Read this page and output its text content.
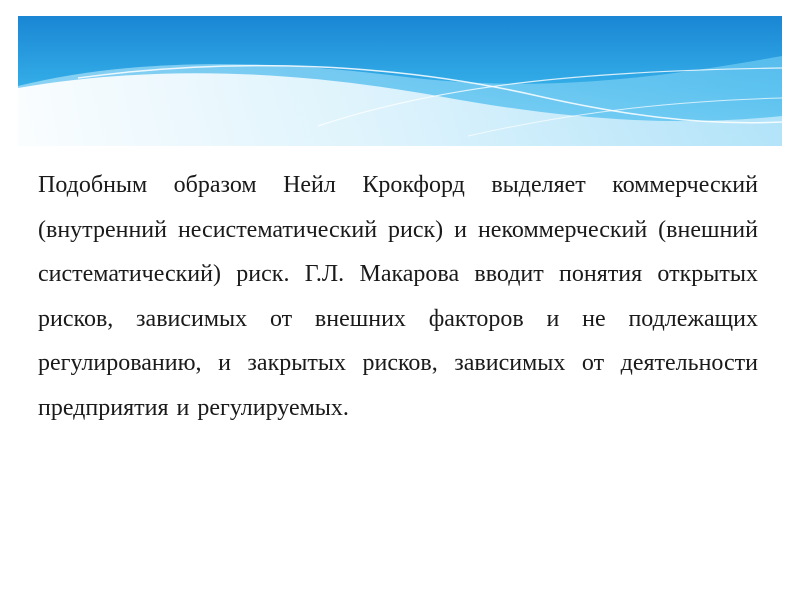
Подобным образом Нейл Крокфорд выделяет коммерческий (внутренний несистематический риск) и некоммерческий (внешний систематический) риск. Г.Л. Макарова вводит понятия открытых рисков, зависимых от внешних факторов и не подлежащих регулированию, и закрытых рисков, зависимых от деятельности предприятия и регулируемых.
